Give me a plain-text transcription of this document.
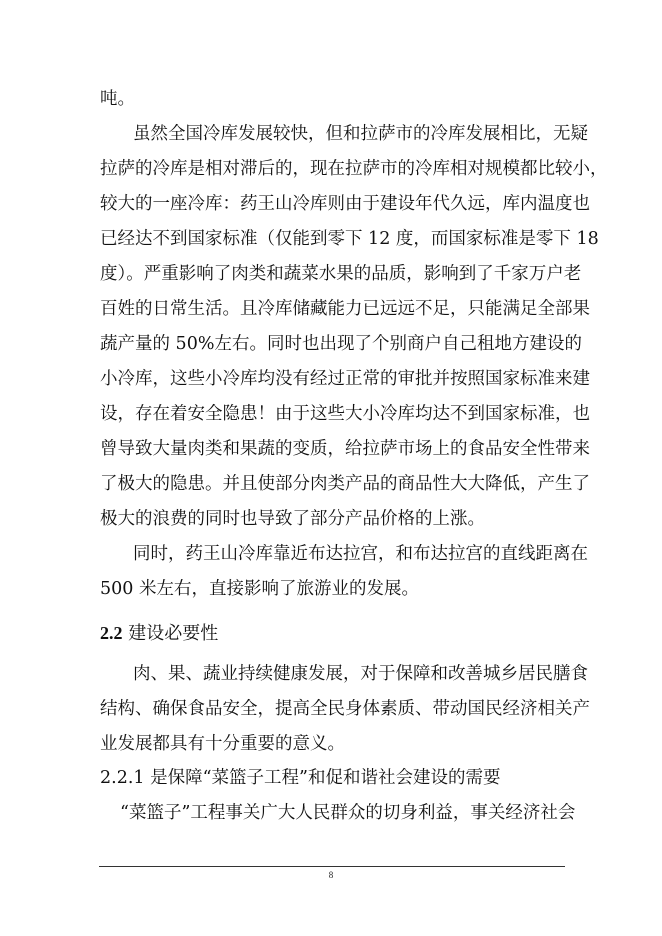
吨。
虽然全国冷库发展较快，但和拉萨市的冷库发展相比，无疑
拉萨的冷库是相对滞后的，现在拉萨市的冷库相对规模都比较小，
较大的一座冷库：药王山冷库则由于建设年代久远，库内温度也
已经达不到国家标准（仅能到零下 12 度，而国家标准是零下 18
度）。严重影响了肉类和蔬菜水果的品质，影响到了千家万户老
百姓的日常生活。且冷库储藏能力已远远不足，只能满足全部果
蔬产量的 50%左右。同时也出现了个别商户自己租地方建设的
小冷库，这些小冷库均没有经过正常的审批并按照国家标准来建
设，存在着安全隐患！由于这些大小冷库均达不到国家标准，也
曾导致大量肉类和果蔬的变质，给拉萨市场上的食品安全性带来
了极大的隐患。并且使部分肉类产品的商品性大大降低，产生了
极大的浪费的同时也导致了部分产品价格的上涨。
同时，药王山冷库靠近布达拉宫，和布达拉宫的直线距离在
500 米左右，直接影响了旅游业的发展。
2.2 建设必要性
肉、果、蔬业持续健康发展，对于保障和改善城乡居民膳食
结构、确保食品安全，提高全民身体素质、带动国民经济相关产
业发展都具有十分重要的意义。
2.2.1 是保障“菜篮子工程”和促和谐社会建设的需要
“菜篮子”工程事关广大人民群众的切身利益，事关经济社会
8
